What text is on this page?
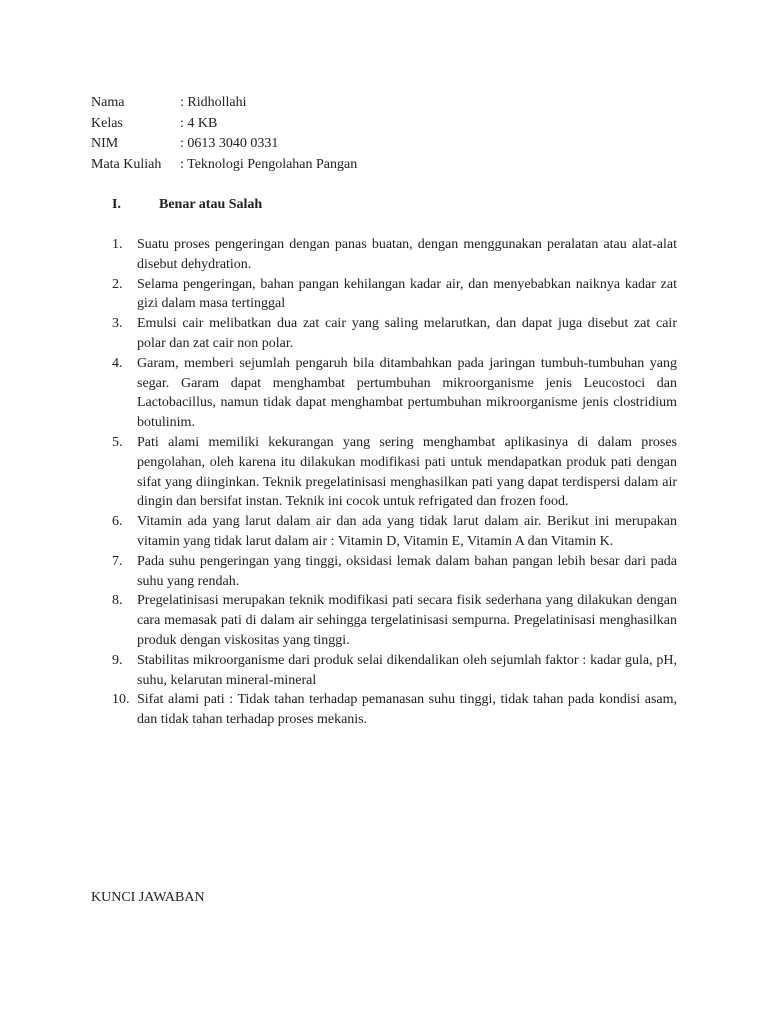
Nama	: Ridhollahi
Kelas	: 4 KB
NIM	: 0613 3040 0331
Mata Kuliah	: Teknologi Pengolahan Pangan
I.	Benar atau Salah
1.	Suatu proses pengeringan dengan panas buatan, dengan menggunakan peralatan atau alat-alat disebut dehydration.
2.	Selama pengeringan, bahan pangan kehilangan kadar air, dan menyebabkan naiknya kadar zat gizi dalam masa tertinggal
3.	Emulsi cair melibatkan dua zat cair yang saling melarutkan, dan dapat juga disebut zat cair polar dan zat cair non polar.
4.	Garam, memberi sejumlah pengaruh bila ditambahkan pada jaringan tumbuh-tumbuhan yang segar. Garam dapat menghambat pertumbuhan mikroorganisme jenis Leucostoci dan Lactobacillus, namun tidak dapat menghambat pertumbuhan mikroorganisme jenis clostridium botulinim.
5.	Pati alami memiliki kekurangan yang sering menghambat aplikasinya di dalam proses pengolahan, oleh karena itu dilakukan modifikasi pati untuk mendapatkan produk pati dengan sifat yang diinginkan. Teknik pregelatinisasi menghasilkan pati yang dapat terdispersi dalam air dingin dan bersifat instan. Teknik ini cocok untuk refrigated dan frozen food.
6.	Vitamin ada yang larut dalam air dan ada yang tidak larut dalam air. Berikut ini merupakan vitamin yang tidak larut dalam air : Vitamin D, Vitamin E, Vitamin A dan Vitamin K.
7.	Pada suhu pengeringan yang tinggi, oksidasi lemak dalam bahan pangan lebih besar dari pada suhu yang rendah.
8.	Pregelatinisasi merupakan teknik modifikasi pati secara fisik sederhana yang dilakukan dengan cara memasak pati di dalam air sehingga tergelatinisasi sempurna. Pregelatinisasi menghasilkan produk dengan viskositas yang tinggi.
9.	Stabilitas mikroorganisme dari produk selai dikendalikan oleh sejumlah faktor : kadar gula, pH, suhu, kelarutan mineral-mineral
10. Sifat alami pati : Tidak tahan terhadap pemanasan suhu tinggi, tidak tahan pada kondisi asam, dan tidak tahan terhadap proses mekanis.
KUNCI JAWABAN
